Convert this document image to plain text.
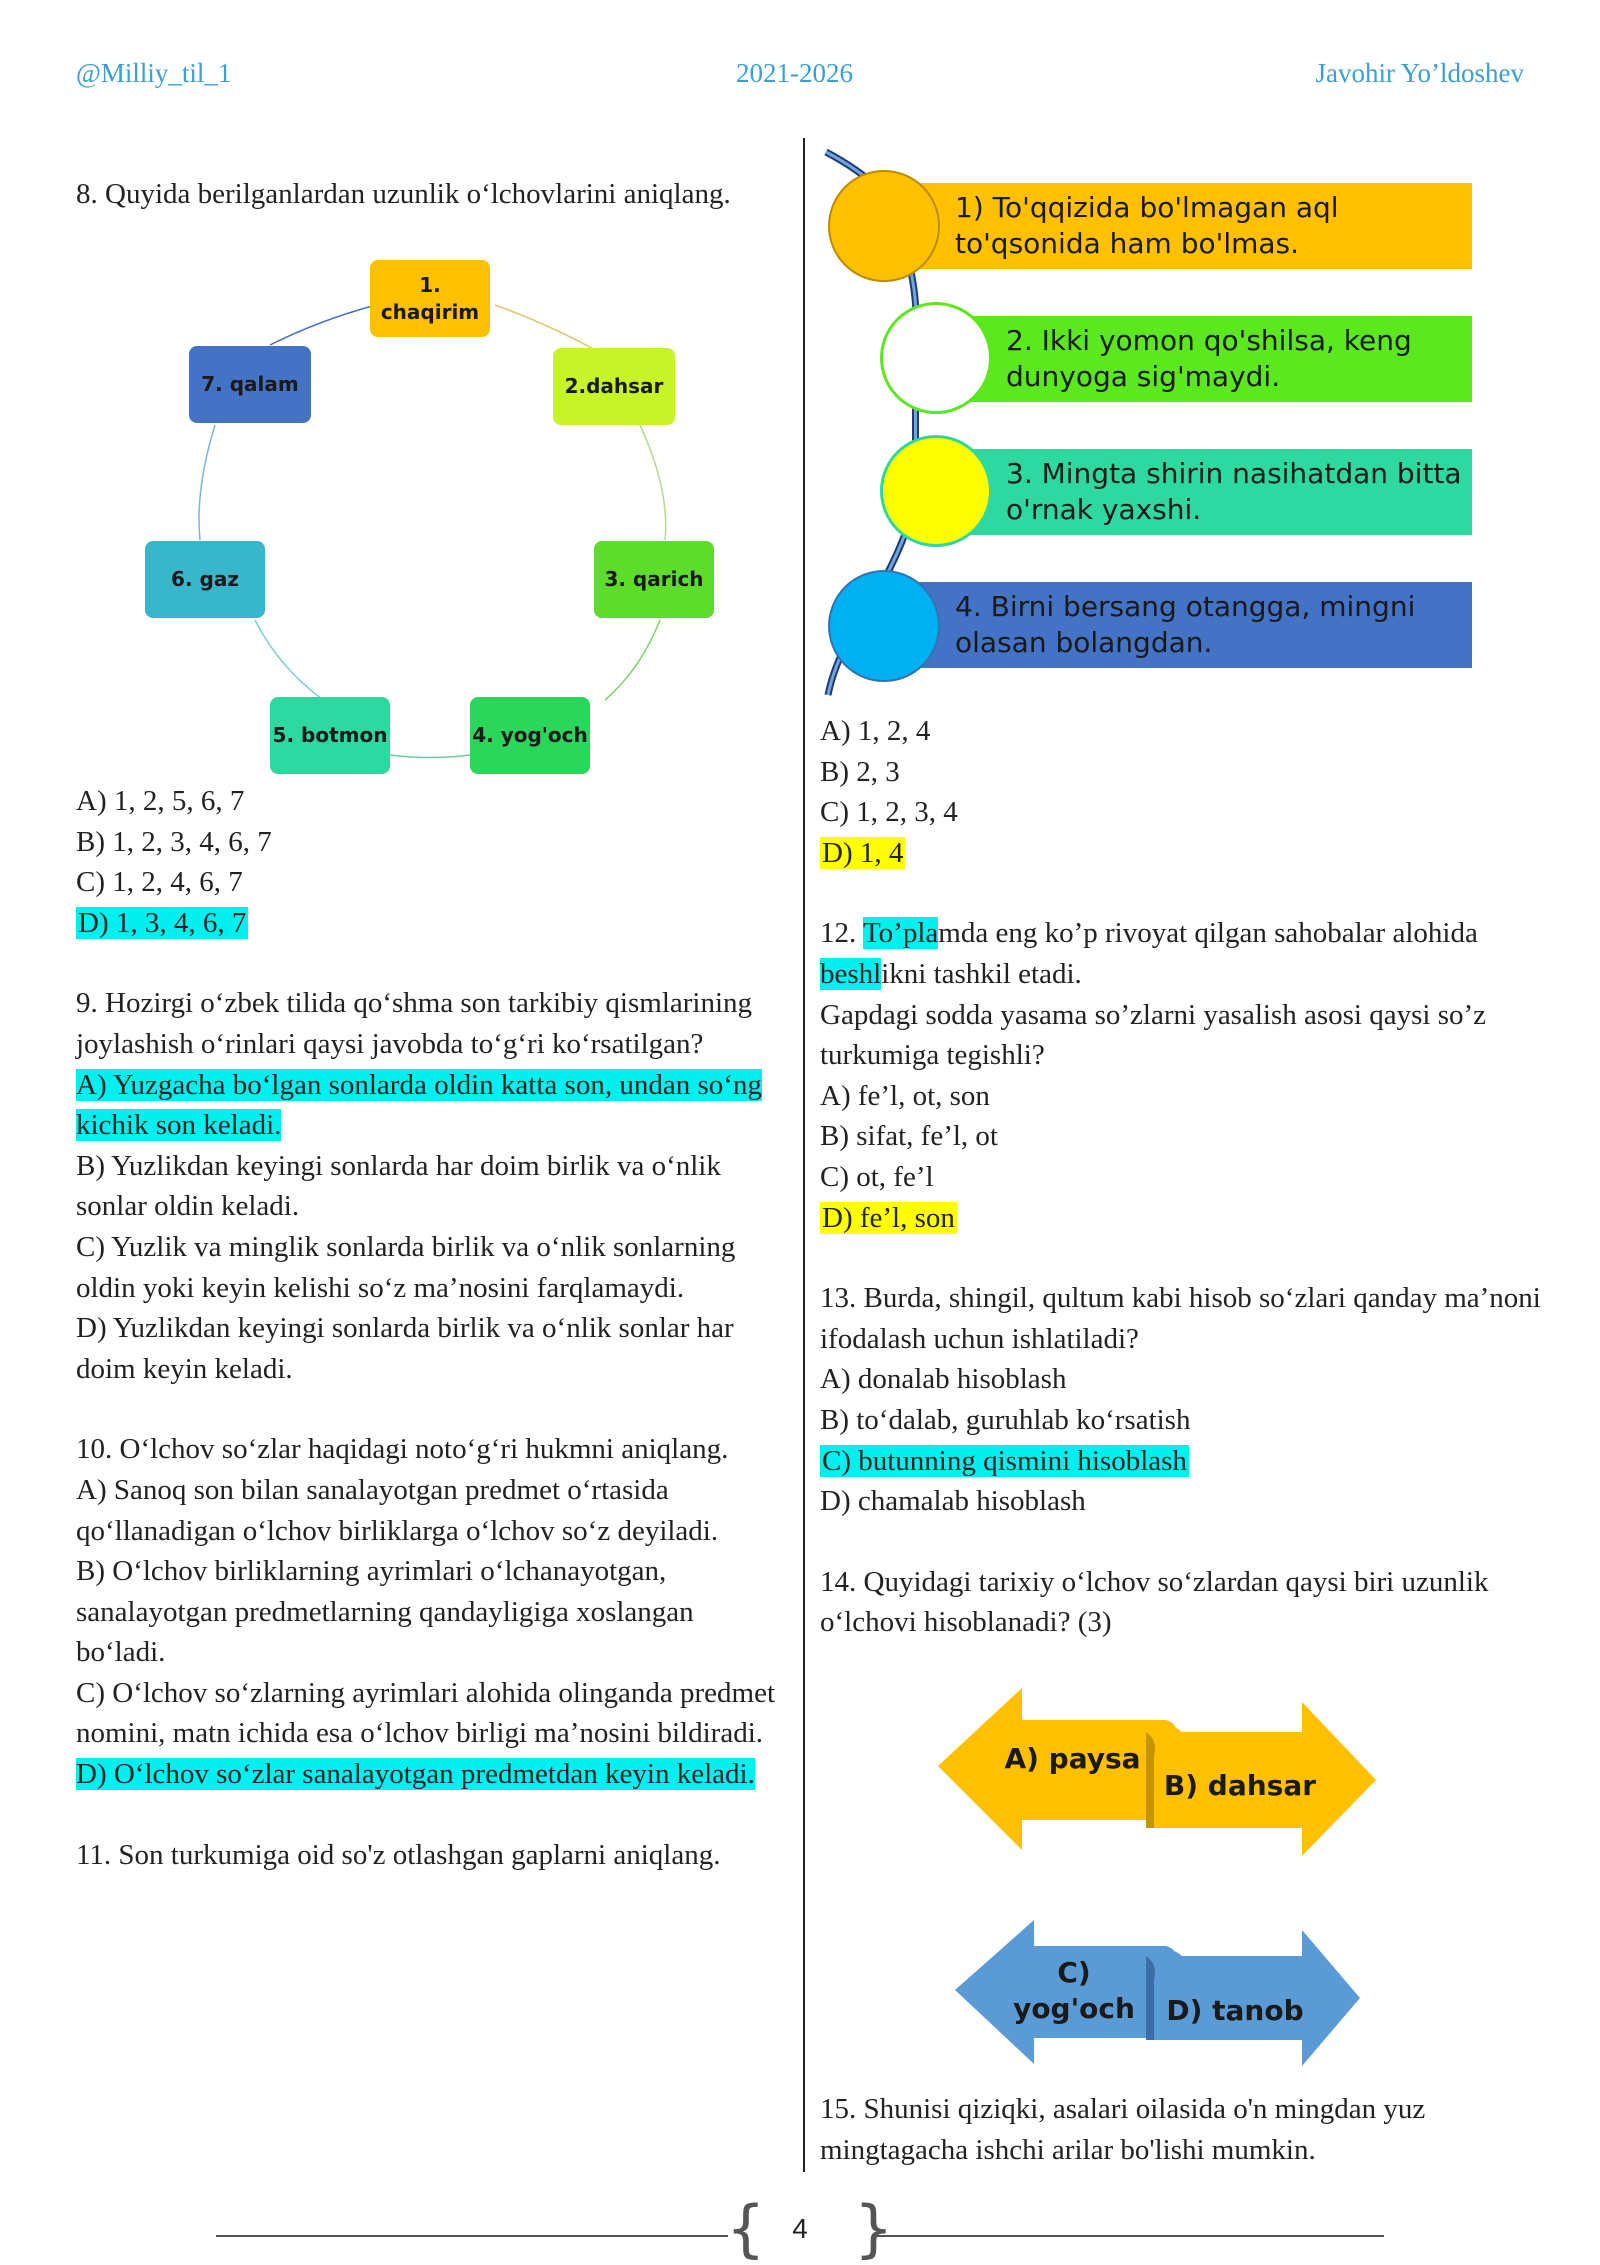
@Milliy_til_1	2021-2026	Javohir Yo’ldoshev

8. Quyida berilganlardan uzunlik o‘lchovlarini aniqlang.

1. chaqirim
2.dahsar
3. qarich
4. yog'och
5. botmon
6. gaz
7. qalam
A) 1, 2, 5, 6, 7
B) 1, 2, 3, 4, 6, 7
C) 1, 2, 4, 6, 7
D) 1, 3, 4, 6, 7

9. Hozirgi o‘zbek tilida qo‘shma son tarkibiy qismlarining joylashish o‘rinlari qaysi javobda to‘g‘ri ko‘rsatilgan?

A) Yuzgacha bo‘lgan sonlarda oldin katta son, undan so‘ng kichik son keladi.

B) Yuzlikdan keyingi sonlarda har doim birlik va o‘nlik sonlar oldin keladi.

C) Yuzlik va minglik sonlarda birlik va o‘nlik sonlarning oldin yoki keyin kelishi so‘z ma’nosini farqlamaydi.

D) Yuzlikdan keyingi sonlarda birlik va o‘nlik sonlar har doim keyin keladi.

10. O‘lchov so‘zlar haqidagi noto‘g‘ri hukmni aniqlang.

A) Sanoq son bilan sanalayotgan predmet o‘rtasida qo‘llanadigan o‘lchov birliklarga o‘lchov so‘z deyiladi.

B) O‘lchov birliklarning ayrimlari o‘lchanayotgan, sanalayotgan predmetlarning qandayligiga xoslangan bo‘ladi.

C) O‘lchov so‘zlarning ayrimlari alohida olinganda predmet nomini, matn ichida esa o‘lchov birligi ma’nosini bildiradi.

D) O‘lchov so‘zlar sanalayotgan predmetdan keyin keladi.

11. Son turkumiga oid so'z otlashgan gaplarni aniqlang.

1) To'qqizida bo'lmagan aql to'qsonida ham bo'lmas.
2. Ikki yomon qo'shilsa, keng dunyoga sig'maydi.
3. Mingta shirin nasihatdan bitta o'rnak yaxshi.
4. Birni bersang otangga, mingni olasan bolangdan.
A) 1, 2, 4
B) 2, 3
C) 1, 2, 3, 4
D) 1, 4

12. To’plamda eng ko’p rivoyat qilgan sahobalar alohida beshlikni tashkil etadi.

Gapdagi sodda yasama so’zlarni yasalish asosi qaysi so’z turkumiga tegishli?

A) fe’l, ot, son
B) sifat, fe’l, ot
C) ot, fe’l
D) fe’l, son

13. Burda, shingil, qultum kabi hisob so‘zlari qanday ma’noni ifodalash uchun ishlatiladi?

A) donalab hisoblash
B) to‘dalab, guruhlab ko‘rsatish
C) butunning qismini hisoblash
D) chamalab hisoblash

14. Quyidagi tarixiy o‘lchov so‘zlardan qaysi biri uzunlik o‘lchovi hisoblanadi? (3)

A) paysa
B) dahsar
C) yog'och	D) tanob

15. Shunisi qiziqki, asalari oilasida o'n mingdan yuz mingtagacha ishchi arilar bo'lishi mumkin.

{ }
4
